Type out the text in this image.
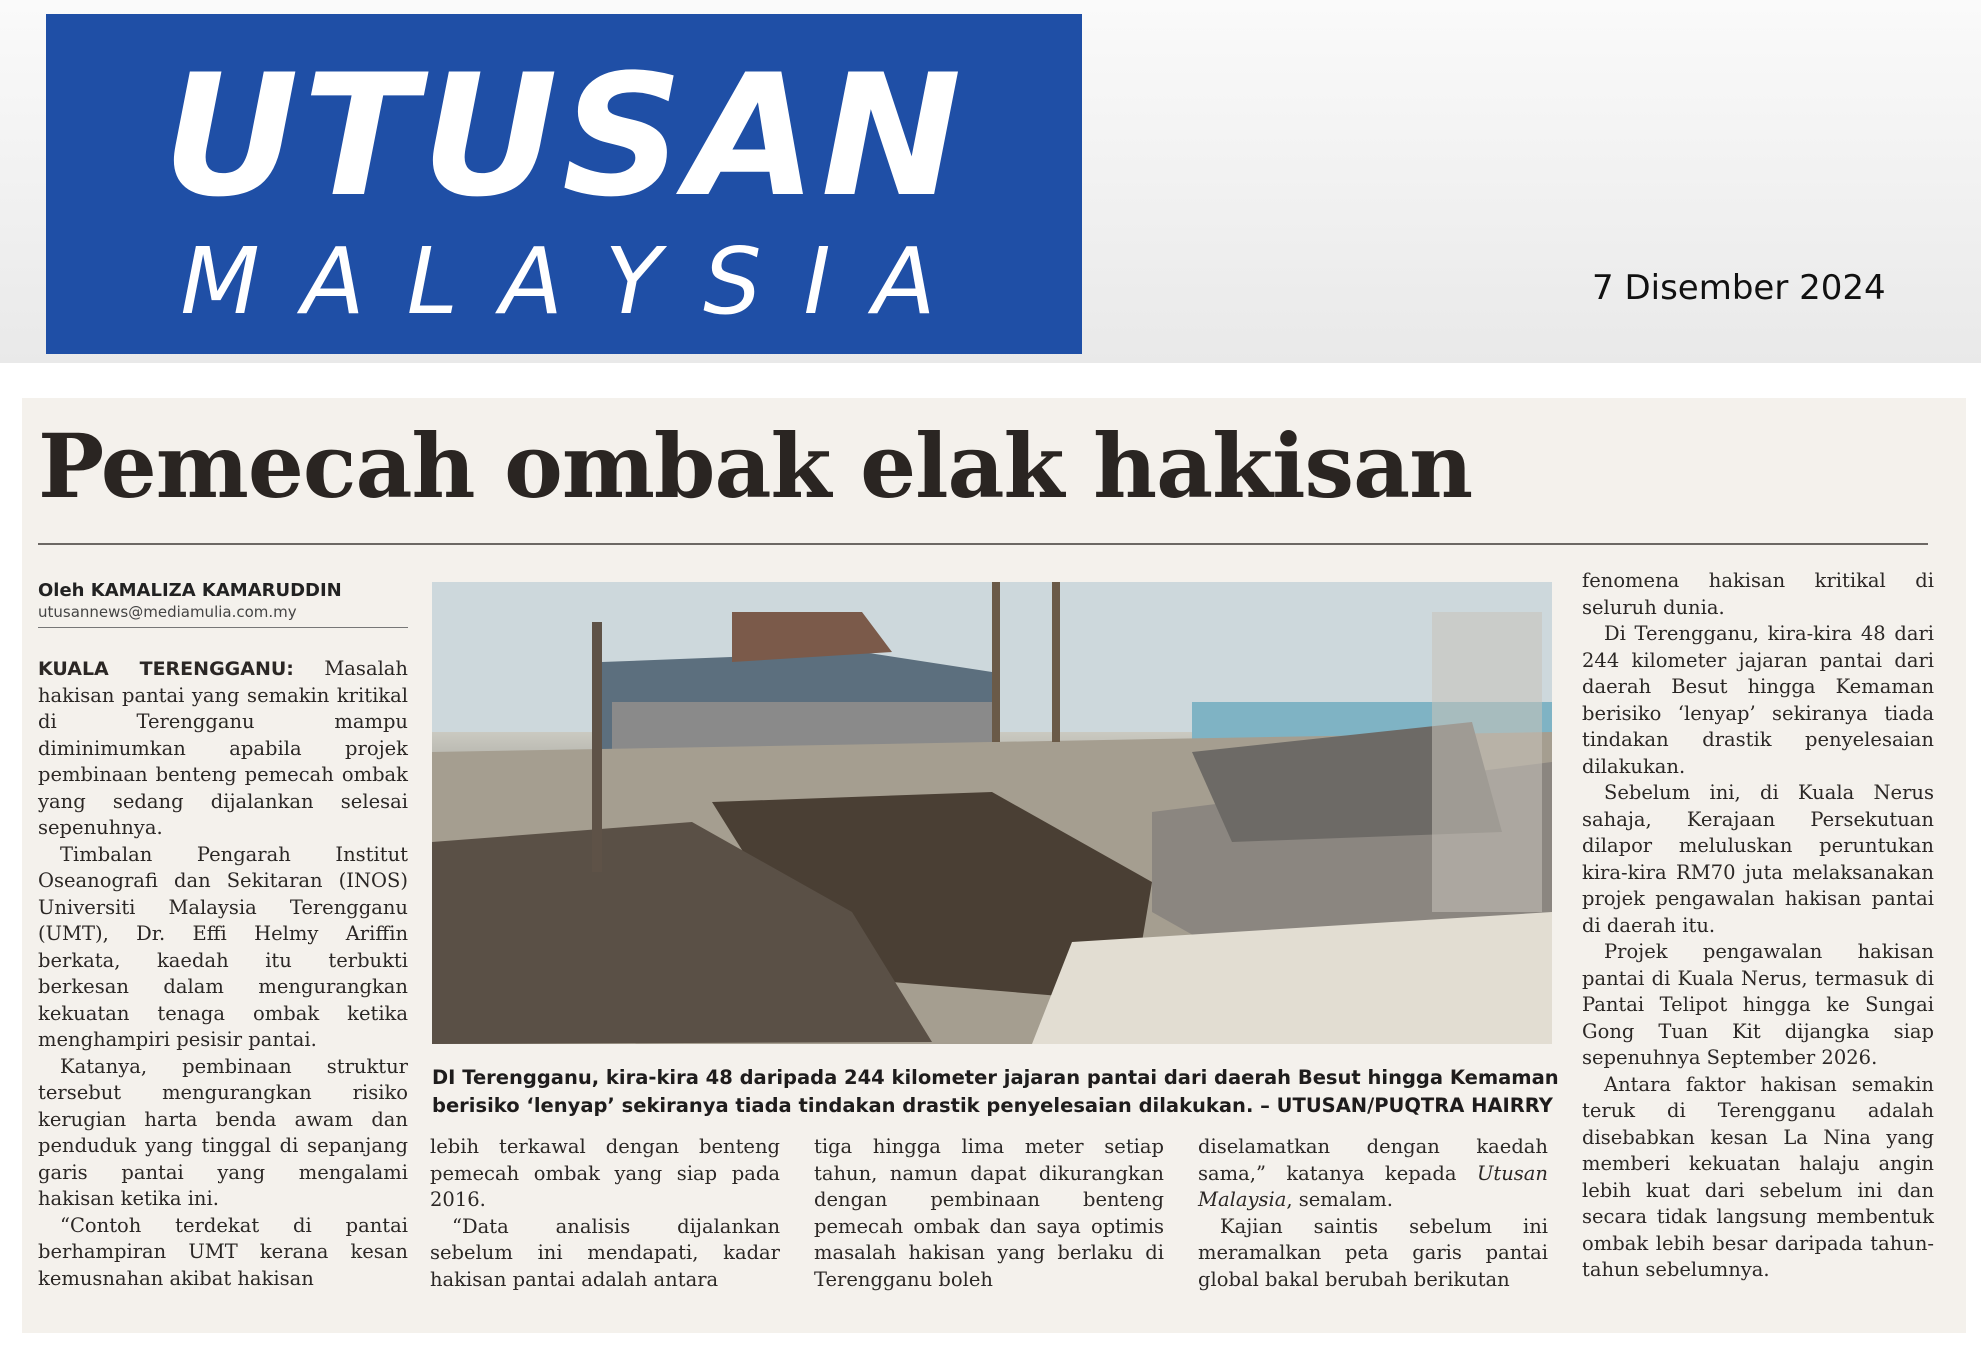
UTUSAN
MALAYSIA	7 Disember 2024
Pemecah ombak elak hakisan
Oleh KAMALIZA KAMARUDDIN
utusannews@mediamulia.com.my

KUALA TERENGGANU: Masalah hakisan pantai yang semakin kritikal di Terengganu mampu diminimumkan apabila projek pembinaan benteng pemecah ombak yang sedang dijalankan selesai sepenuhnya.

Timbalan Pengarah Institut Oseanografi dan Sekitaran (INOS) Universiti Malaysia Terengganu (UMT), Dr. Effi Helmy Ariffin berkata, kaedah itu terbukti berkesan dalam mengurangkan kekuatan tenaga ombak ketika menghampiri pesisir pantai.

Katanya, pembinaan struktur tersebut mengurangkan risiko kerugian harta benda awam dan penduduk yang tinggal di sepanjang garis pantai yang mengalami hakisan ketika ini.

“Contoh terdekat di pantai berhampiran UMT kerana kesan kemusnahan akibat hakisan

DI Terengganu, kira-kira 48 daripada 244 kilometer jajaran pantai dari daerah Besut hingga Kemaman berisiko ‘lenyap’ sekiranya tiada tindakan drastik penyelesaian dilakukan. – UTUSAN/PUQTRA HAIRRY

lebih terkawal dengan benteng pemecah ombak yang siap pada 2016.

“Data analisis dijalankan sebelum ini mendapati, kadar hakisan pantai adalah antara

tiga hingga lima meter setiap tahun, namun dapat dikurangkan dengan pembinaan benteng pemecah ombak dan saya optimis masalah hakisan yang berlaku di Terengganu boleh

diselamatkan dengan kaedah sama,” katanya kepada Utusan Malaysia, semalam.

Kajian saintis sebelum ini meramalkan peta garis pantai global bakal berubah berikutan

fenomena hakisan kritikal di seluruh dunia.

Di Terengganu, kira-kira 48 dari 244 kilometer jajaran pantai dari daerah Besut hingga Kemaman berisiko ‘lenyap’ sekiranya tiada tindakan drastik penyelesaian dilakukan.

Sebelum ini, di Kuala Nerus sahaja, Kerajaan Persekutuan dilapor meluluskan peruntukan kira-kira RM70 juta melaksanakan projek pengawalan hakisan pantai di daerah itu.

Projek pengawalan hakisan pantai di Kuala Nerus, termasuk di Pantai Telipot hingga ke Sungai Gong Tuan Kit dijangka siap sepenuhnya September 2026.

Antara faktor hakisan semakin teruk di Terengganu adalah disebabkan kesan La Nina yang memberi kekuatan halaju angin lebih kuat dari sebelum ini dan secara tidak langsung membentuk ombak lebih besar daripada tahun-tahun sebelumnya.
